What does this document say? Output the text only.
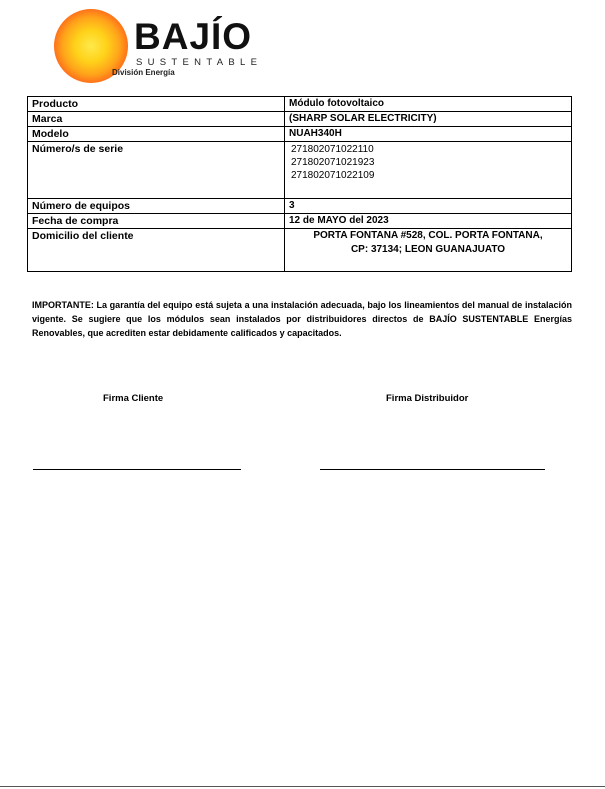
BAJÍO
SUSTENTABLE
División Energía
Producto	Módulo fotovoltaico
Marca	(SHARP SOLAR ELECTRICITY)
Modelo	NUAH340H
Número/s de serie	271802071022110
271802071021923
271802071022109

Número de equipos	3
Fecha de compra	12 de MAYO del 2023
Domicilio del cliente	PORTA FONTANA #528, COL. PORTA FONTANA,
CP: 37134; LEON GUANAJUATO
IMPORTANTE: La garantía del equipo está sujeta a una instalación adecuada, bajo los lineamientos del manual de instalación vigente. Se sugiere que los módulos sean instalados por distribuidores directos de BAJÍO SUSTENTABLE Energías Renovables, que acrediten estar debidamente calificados y capacitados.
Firma Cliente	Firma Distribuidor
